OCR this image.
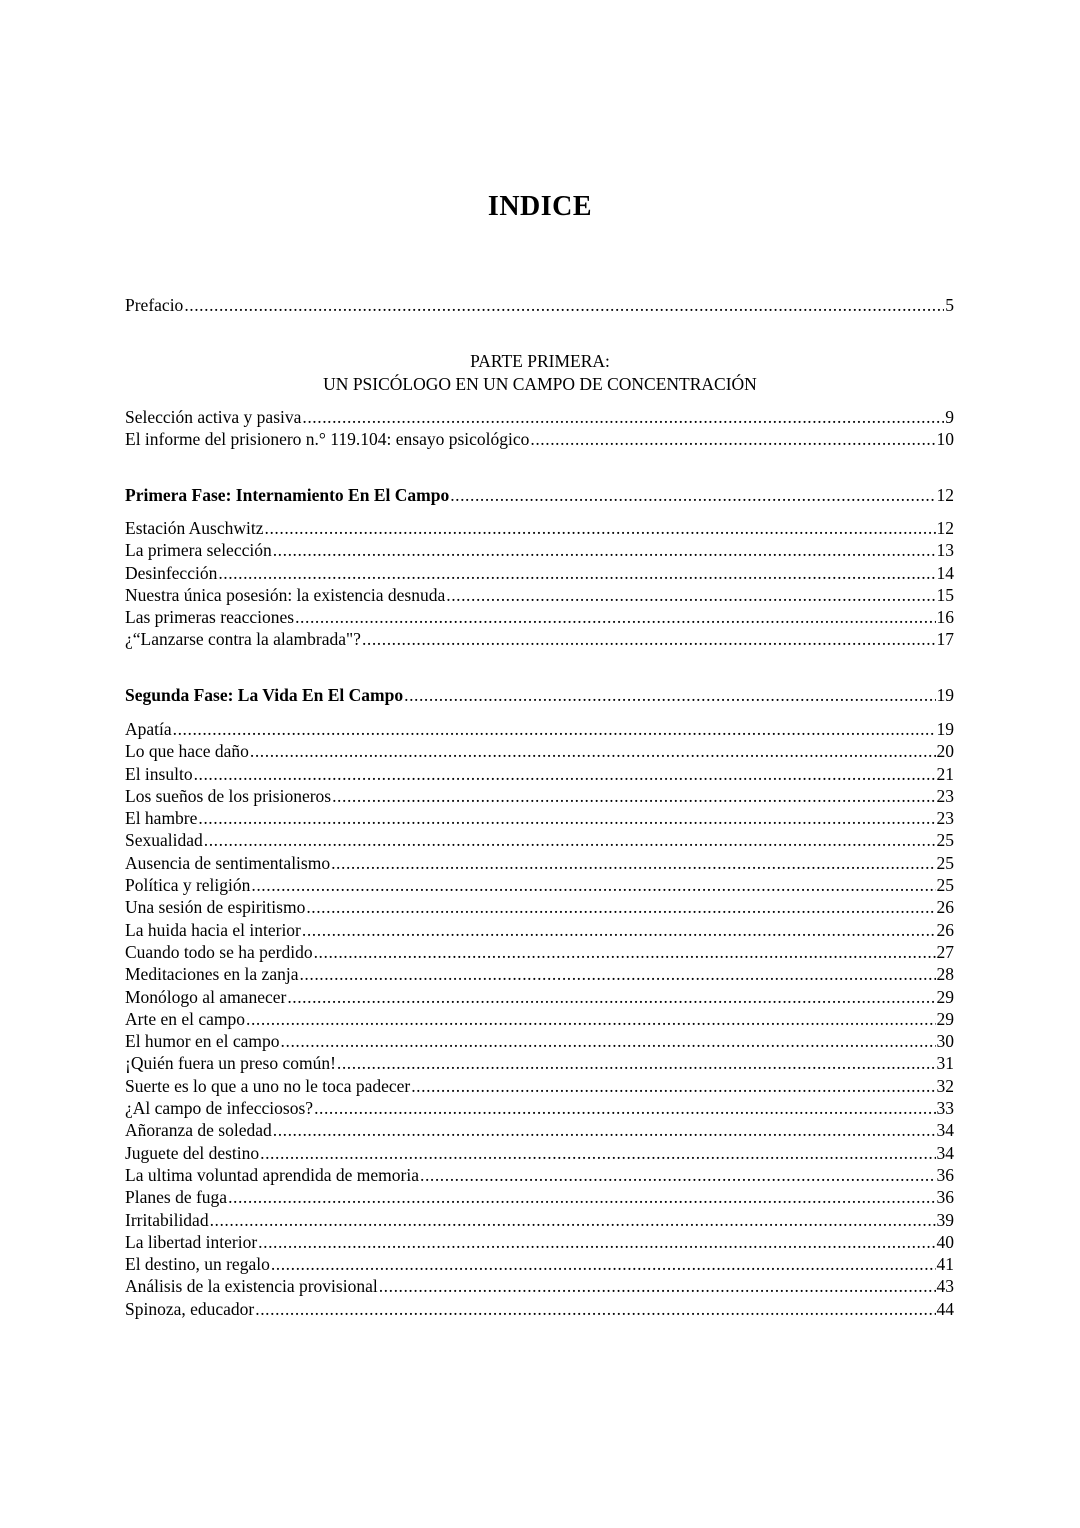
INDICE
Prefacio . . .	5
PARTE PRIMERA:
UN PSICÓLOGO EN UN CAMPO DE CONCENTRACIÓN
Selección activa y pasiva . . .	9
El informe del prisionero n.° 119.104: ensayo psicológico . . .	10
Primera Fase: Internamiento En El Campo . . .	12
Estación Auschwitz . . .	12
La primera selección . . .	13
Desinfección . . .	14
Nuestra única posesión: la existencia desnuda . . .	15
Las primeras reacciones . . .	16
¿“Lanzarse contra la alambrada"? . . .	17
Segunda Fase: La Vida En El Campo . . .	19
Apatía . . .	19
Lo que hace daño . . .	20
El insulto . . .	21
Los sueños de los prisioneros . . .	23
El hambre . . .	23
Sexualidad . . .	25
Ausencia de sentimentalismo . . .	25
Política y religión . . .	25
Una sesión de espiritismo . . .	26
La huida hacia el interior . . .	26
Cuando todo se ha perdido . . .	27
Meditaciones en la zanja . . .	28
Monólogo al amanecer . . .	29
Arte en el campo . . .	29
El humor en el campo . . .	30
¡Quién fuera un preso común! . . .	31
Suerte es lo que a uno no le toca padecer . . .	32
¿Al campo de infecciosos? . . .	33
Añoranza de soledad . . .	34
Juguete del destino . . .	34
La ultima voluntad aprendida de memoria . . .	36
Planes de fuga . . .	36
Irritabilidad . . .	39
La libertad interior . . .	40
El destino, un regalo . . .	41
Análisis de la existencia provisional . . .	43
Spinoza, educador . . .	44
